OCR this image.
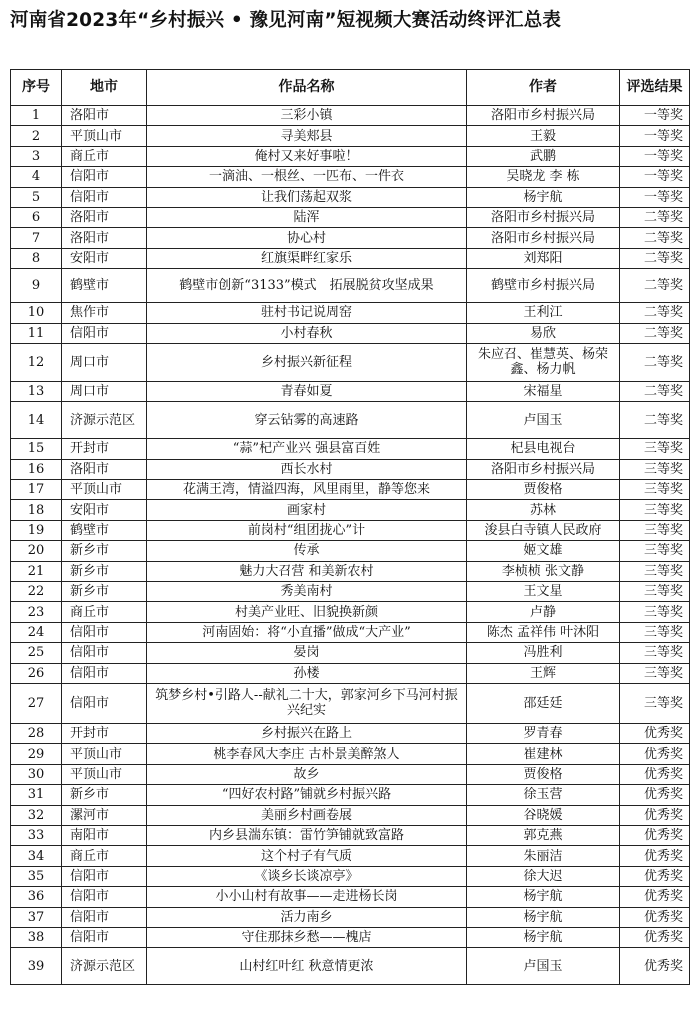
河南省2023年“乡村振兴 • 豫见河南”短视频大赛活动终评汇总表
序号	地市	作品名称	作者	评选结果
1	洛阳市	三彩小镇	洛阳市乡村振兴局	一等奖
2	平顶山市	寻美郏县	王毅	一等奖
3	商丘市	俺村又来好事啦！	武鹏	一等奖
4	信阳市	一滴油、一根丝、一匹布、一件衣	吴晓龙 李 栋	一等奖
5	信阳市	让我们荡起双浆	杨宇航	一等奖
6	洛阳市	陆浑	洛阳市乡村振兴局	二等奖
7	洛阳市	协心村	洛阳市乡村振兴局	二等奖
8	安阳市	红旗渠畔红家乐	刘郑阳	二等奖
9	鹤壁市	鹤壁市创新“3133”模式　拓展脱贫攻坚成果	鹤壁市乡村振兴局	二等奖
10	焦作市	驻村书记说周窑	王利江	二等奖
11	信阳市	小村春秋	易欣	二等奖
12	周口市	乡村振兴新征程	朱应召、崔慧英、杨荣鑫、杨力帆	二等奖
13	周口市	青春如夏	宋福星	二等奖
14	济源示范区	穿云钻雾的高速路	卢国玉	二等奖
15	开封市	“蒜”杞产业兴 强县富百姓	杞县电视台	三等奖
16	洛阳市	西长水村	洛阳市乡村振兴局	三等奖
17	平顶山市	花满王湾，情溢四海，风里雨里，静等您来	贾俊格	三等奖
18	安阳市	画家村	苏林	三等奖
19	鹤壁市	前岗村“组团拢心”计	浚县白寺镇人民政府	三等奖
20	新乡市	传承	姬文雄	三等奖
21	新乡市	魅力大召营 和美新农村	李桢桢 张文静	三等奖
22	新乡市	秀美南村	王文星	三等奖
23	商丘市	村美产业旺、旧貌换新颜	卢静	三等奖
24	信阳市	河南固始：将“小直播”做成“大产业”	陈杰 孟祥伟 叶沐阳	三等奖
25	信阳市	晏岗	冯胜利	三等奖
26	信阳市	孙楼	王辉	三等奖
27	信阳市	筑梦乡村•引路人--献礼二十大，郭家河乡下马河村振兴纪实	邵廷廷	三等奖
28	开封市	乡村振兴在路上	罗青春	优秀奖
29	平顶山市	桃李春风大李庄 古朴景美醉煞人	崔建林	优秀奖
30	平顶山市	故乡	贾俊格	优秀奖
31	新乡市	“四好农村路”铺就乡村振兴路	徐玉营	优秀奖
32	漯河市	美丽乡村画卷展	谷晓媛	优秀奖
33	南阳市	内乡县湍东镇：雷竹笋铺就致富路	郭克燕	优秀奖
34	商丘市	这个村子有气质	朱丽洁	优秀奖
35	信阳市	《谈乡长谈凉亭》	徐大迟	优秀奖
36	信阳市	小小山村有故事——走进杨长岗	杨宇航	优秀奖
37	信阳市	活力南乡	杨宇航	优秀奖
38	信阳市	守住那抹乡愁——槐店	杨宇航	优秀奖
39	济源示范区	山村红叶红 秋意情更浓	卢国玉	优秀奖
